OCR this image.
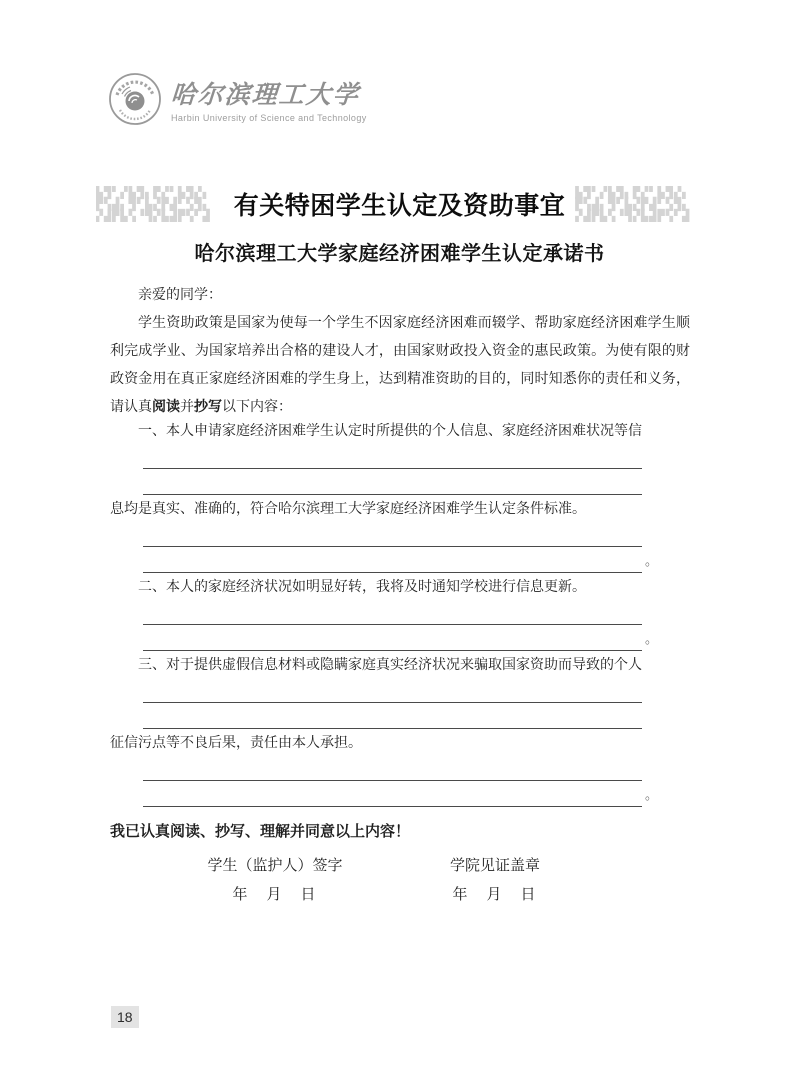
哈尔滨理工大学
Harbin University of Science and Technology
▙▜▘▞▙▜▖▛▞▘▙▜▞▖
▛▚▟▖▜▘▙▞▛▟▘▚▜▖
▞▟▛▙▚▝▜▞▙▟▛▚▘▟ 有关特困学生认定及资助事宜 ▙▜▘▞▙▜▖▛▞▘▙▜▞▖
▛▚▟▖▜▘▙▞▛▟▘▚▜▖
▞▟▛▙▚▝▜▞▙▟▛▚▘▟
哈尔滨理工大学家庭经济困难学生认定承诺书

亲爱的同学：

学生资助政策是国家为使每一个学生不因家庭经济困难而辍学、帮助家庭经济困难学生顺利完成学业、为国家培养出合格的建设人才，由国家财政投入资金的惠民政策。为使有限的财政资金用在真正家庭经济困难的学生身上，达到精准资助的目的，同时知悉你的责任和义务，请认真阅读并抄写以下内容：

一、本人申请家庭经济困难学生认定时所提供的个人信息、家庭经济困难状况等信
息均是真实、准确的，符合哈尔滨理工大学家庭经济困难学生认定条件标准。
。
二、本人的家庭经济状况如明显好转，我将及时通知学校进行信息更新。
。
三、对于提供虚假信息材料或隐瞒家庭真实经济状况来骗取国家资助而导致的个人
征信污点等不良后果，责任由本人承担。
。

我已认真阅读、抄写、理解并同意以上内容！

学生（监护人）签字
年　月　日
学院见证盖章
年　月　日
18
